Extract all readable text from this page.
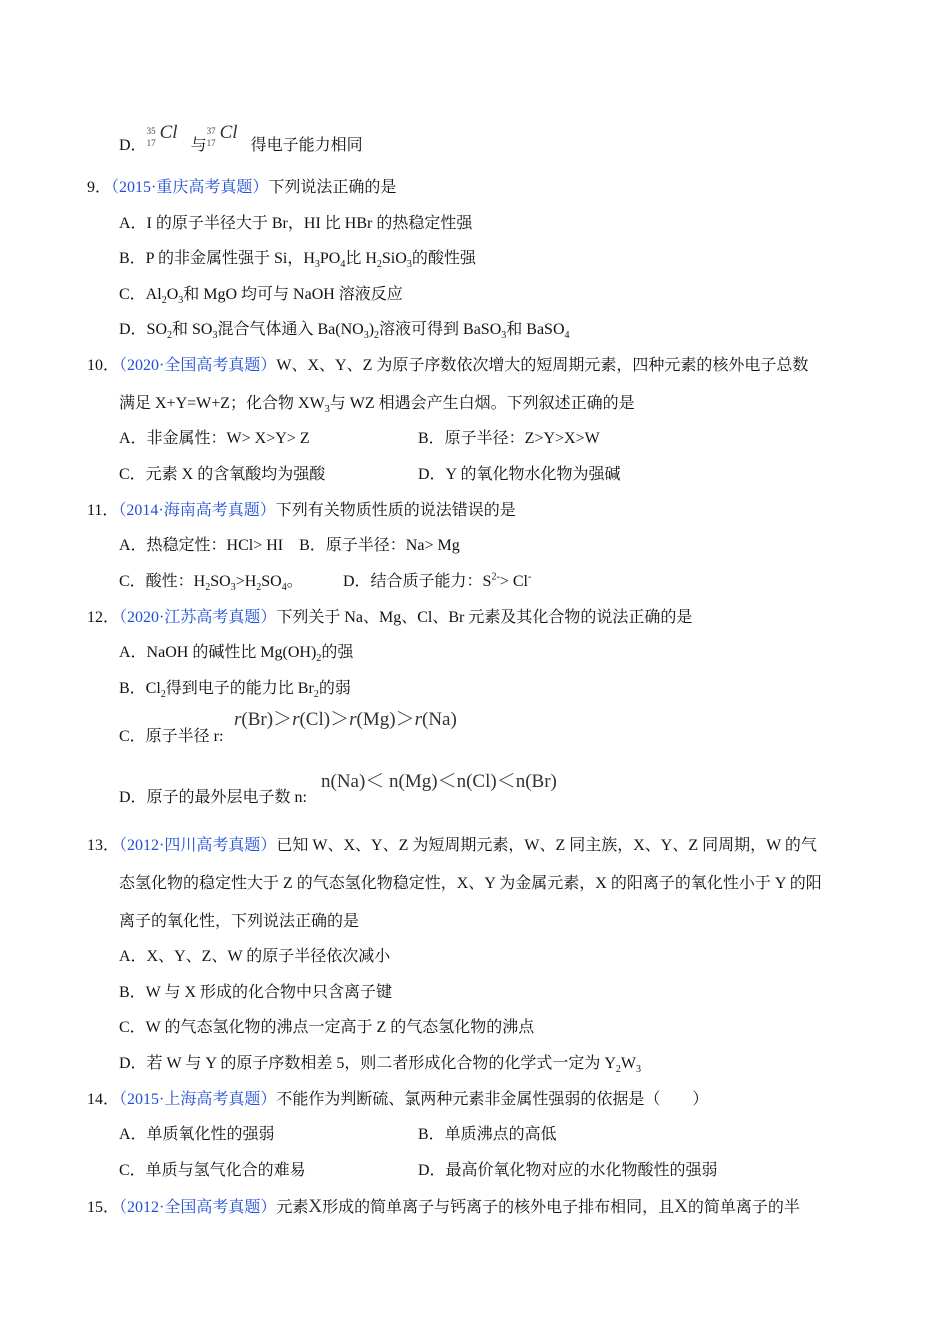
D．
35
17 Cl
与
37
17 Cl
得电子能力相同
9．（2015·重庆高考真题）下列说法正确的是
A．I 的原子半径大于 Br，HI 比 HBr 的热稳定性强
B．P 的非金属性强于 Si，$H_3PO_4$比 $H_2SiO_3$的酸性强
C．$Al_2O_3$和 MgO 均可与 NaOH 溶液反应
D．$SO_2$和 $SO_3$混合气体通入 $Ba(NO_3)_2$溶液可得到 BaSO$_3$和 BaSO$_4$
10．（2020·全国高考真题）W、X、Y、Z 为原子序数依次增大的短周期元素，四种元素的核外电子总数
满足 X+Y=W+Z；化合物 $XW_3$与 WZ 相遇会产生白烟。下列叙述正确的是
A．非金属性：W> X>Y> Z	B．原子半径：Z>Y>X>W
C．元素 X 的含氧酸均为强酸	D．Y 的氧化物水化物为强碱
11．（2014·海南高考真题）下列有关物质性质的说法错误的是
A．热稳定性：HCl> HI　B．原子半径：Na> Mg
C．酸性：$H_2SO_3>H_2SO_4$。	D．结合质子能力：$S^{2-}> Cl^-$
12．（2020·江苏高考真题）下列关于 Na、Mg、Cl、Br 元素及其化合物的说法正确的是
A．NaOH 的碱性比 $Mg(OH)_2$的强
B．$Cl_2$得到电子的能力比 $Br_2$的弱
C．原子半径 r:
r(Br)＞r(Cl)＞r(Mg)＞r(Na)
D．原子的最外层电子数 n:
n(Na)＜ n(Mg)＜n(Cl)＜n(Br)
13．（2012·四川高考真题）已知 W、X、Y、Z 为短周期元素，W、Z 同主族，X、Y、Z 同周期，W 的气
态氢化物的稳定性大于 Z 的气态氢化物稳定性，X、Y 为金属元素，X 的阳离子的氧化性小于 Y 的阳
离子的氧化性，下列说法正确的是
A．X、Y、Z、W 的原子半径依次减小
B．W 与 X 形成的化合物中只含离子键
C．W 的气态氢化物的沸点一定高于 Z 的气态氢化物的沸点
D．若 W 与 Y 的原子序数相差 5，则二者形成化合物的化学式一定为 $Y_2W_3$
14．（2015·上海高考真题）不能作为判断硫、氯两种元素非金属性强弱的依据是（　　）
A．单质氧化性的强弱	B．单质沸点的高低
C．单质与氢气化合的难易	D．最高价氧化物对应的水化物酸性的强弱
15．（2012·全国高考真题）元素X形成的简单离子与钙离子的核外电子排布相同，且X的简单离子的半
